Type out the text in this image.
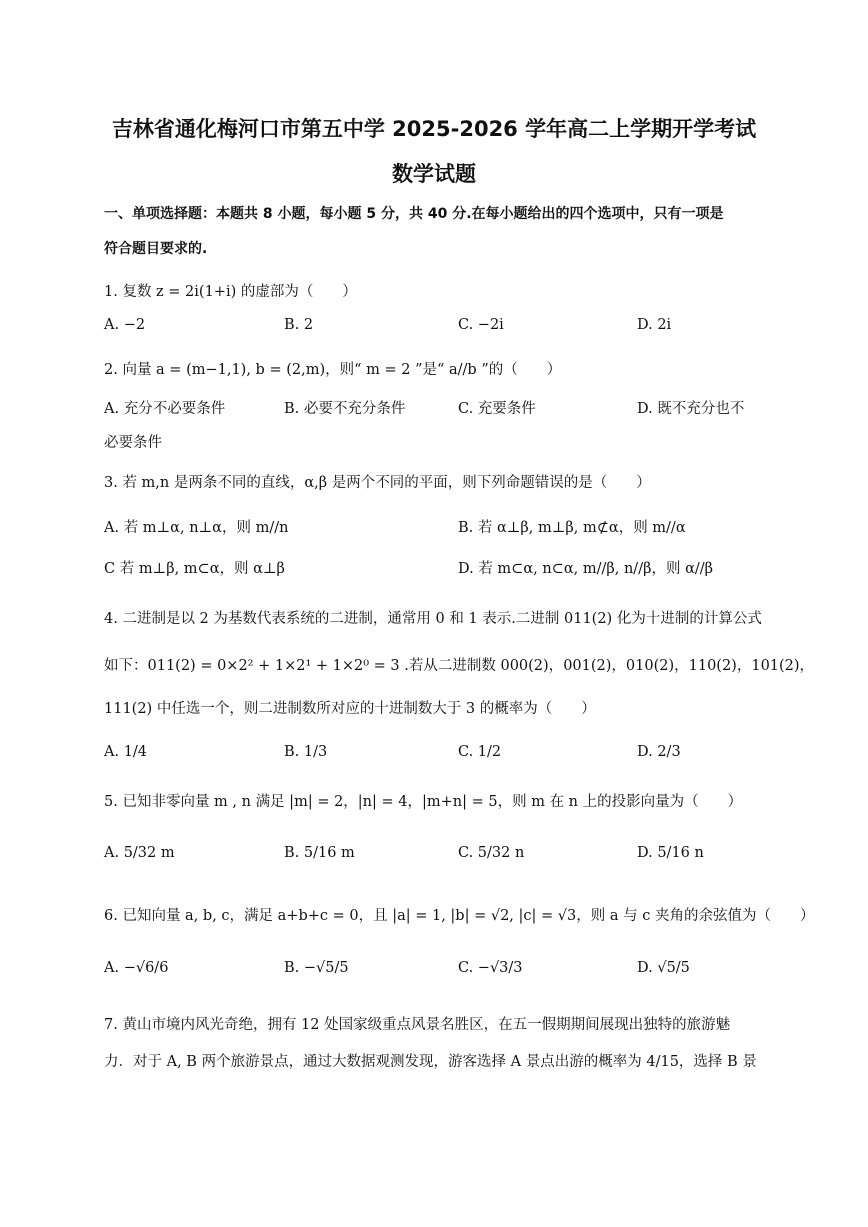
吉林省通化梅河口市第五中学 2025-2026 学年高二上学期开学考试
数学试题
一、单项选择题：本题共 8 小题，每小题 5 分，共 40 分.在每小题给出的四个选项中，只有一项是
符合题目要求的.
1. 复数 z = 2i(1+i) 的虚部为（　　）
A. −2	B. 2	C. −2i	D. 2i
2. 向量 a = (m−1,1), b = (2,m)，则“ m = 2 ”是“ a//b ”的（　　）
A. 充分不必要条件	B. 必要不充分条件	C. 充要条件	D. 既不充分也不
必要条件
3. 若 m,n 是两条不同的直线，α,β 是两个不同的平面，则下列命题错误的是（　　）
A. 若 m⊥α, n⊥α，则 m//n	B. 若 α⊥β, m⊥β, m⊄α，则 m//α
C 若 m⊥β, m⊂α，则 α⊥β	D. 若 m⊂α, n⊂α, m//β, n//β，则 α//β
4. 二进制是以 2 为基数代表系统的二进制，通常用 0 和 1 表示.二进制 011(2) 化为十进制的计算公式
如下：011(2) = 0×2² + 1×2¹ + 1×2⁰ = 3 .若从二进制数 000(2)，001(2)，010(2)，110(2)，101(2)，
111(2) 中任选一个，则二进制数所对应的十进制数大于 3 的概率为（　　）
A. 1/4	B. 1/3	C. 1/2	D. 2/3
5. 已知非零向量 m , n 满足 |m| = 2，|n| = 4，|m+n| = 5，则 m 在 n 上的投影向量为（　　）
A. 5/32 m	B. 5/16 m	C. 5/32 n	D. 5/16 n
6. 已知向量 a, b, c，满足 a+b+c = 0，且 |a| = 1, |b| = √2, |c| = √3，则 a 与 c 夹角的余弦值为（　　）
A. −√6/6	B. −√5/5	C. −√3/3	D. √5/5
7. 黄山市境内风光奇绝，拥有 12 处国家级重点风景名胜区，在五一假期期间展现出独特的旅游魅
力．对于 A, B 两个旅游景点，通过大数据观测发现，游客选择 A 景点出游的概率为 4/15，选择 B 景
